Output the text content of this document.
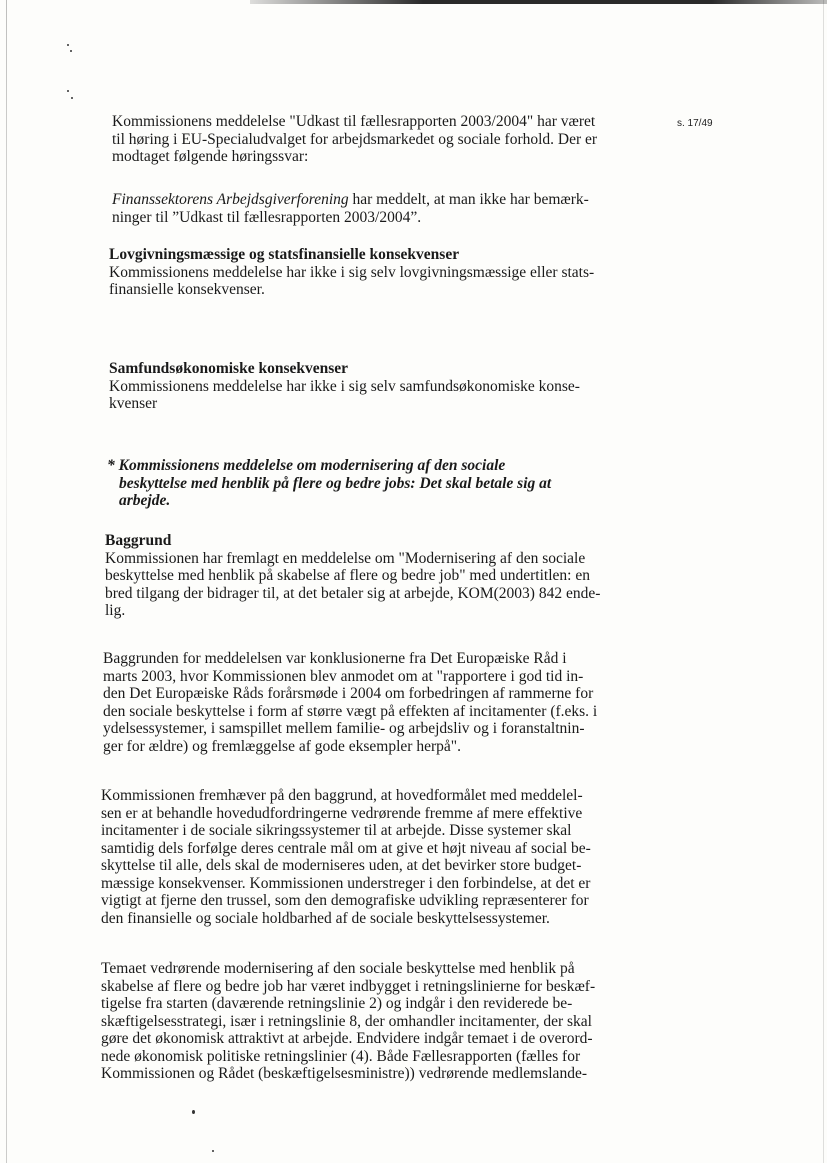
s. 17/49

Kommissionens meddelelse "Udkast til fællesrapporten 2003/2004" har været

til høring i EU-Specialudvalget for arbejdsmarkedet og sociale forhold. Der er

modtaget følgende høringssvar:

Finanssektorens Arbejdsgiverforening har meddelt, at man ikke har bemærk-

ninger til ”Udkast til fællesrapporten 2003/2004”.

Lovgivningsmæssige og statsfinansielle konsekvenser

Kommissionens meddelelse har ikke i sig selv lovgivningsmæssige eller stats-

finansielle konsekvenser.

Samfundsøkonomiske konsekvenser

Kommissionens meddelelse har ikke i sig selv samfundsøkonomiske konse-

kvenser

* Kommissionens meddelelse om modernisering af den sociale

beskyttelse med henblik på flere og bedre jobs: Det skal betale sig at

arbejde.

Baggrund

Kommissionen har fremlagt en meddelelse om "Modernisering af den sociale

beskyttelse med henblik på skabelse af flere og bedre job" med undertitlen: en

bred tilgang der bidrager til, at det betaler sig at arbejde, KOM(2003) 842 ende-

lig.

Baggrunden for meddelelsen var konklusionerne fra Det Europæiske Råd i

marts 2003, hvor Kommissionen blev anmodet om at "rapportere i god tid in-

den Det Europæiske Råds forårsmøde i 2004 om forbedringen af rammerne for

den sociale beskyttelse i form af større vægt på effekten af incitamenter (f.eks. i

ydelsessystemer, i samspillet mellem familie- og arbejdsliv og i foranstaltnin-

ger for ældre) og fremlæggelse af gode eksempler herpå".

Kommissionen fremhæver på den baggrund, at hovedformålet med meddelel-

sen er at behandle hovedudfordringerne vedrørende fremme af mere effektive

incitamenter i de sociale sikringssystemer til at arbejde. Disse systemer skal

samtidig dels forfølge deres centrale mål om at give et højt niveau af social be-

skyttelse til alle, dels skal de moderniseres uden, at det bevirker store budget-

mæssige konsekvenser. Kommissionen understreger i den forbindelse, at det er

vigtigt at fjerne den trussel, som den demografiske udvikling repræsenterer for

den finansielle og sociale holdbarhed af de sociale beskyttelsessystemer.

Temaet vedrørende modernisering af den sociale beskyttelse med henblik på

skabelse af flere og bedre job har været indbygget i retningslinierne for beskæf-

tigelse fra starten (daværende retningslinie 2) og indgår i den reviderede be-

skæftigelsesstrategi, især i retningslinie 8, der omhandler incitamenter, der skal

gøre det økonomisk attraktivt at arbejde. Endvidere indgår temaet i de overord-

nede økonomisk politiske retningslinier (4). Både Fællesrapporten (fælles for

Kommissionen og Rådet (beskæftigelsesministre)) vedrørende medlemslande-
